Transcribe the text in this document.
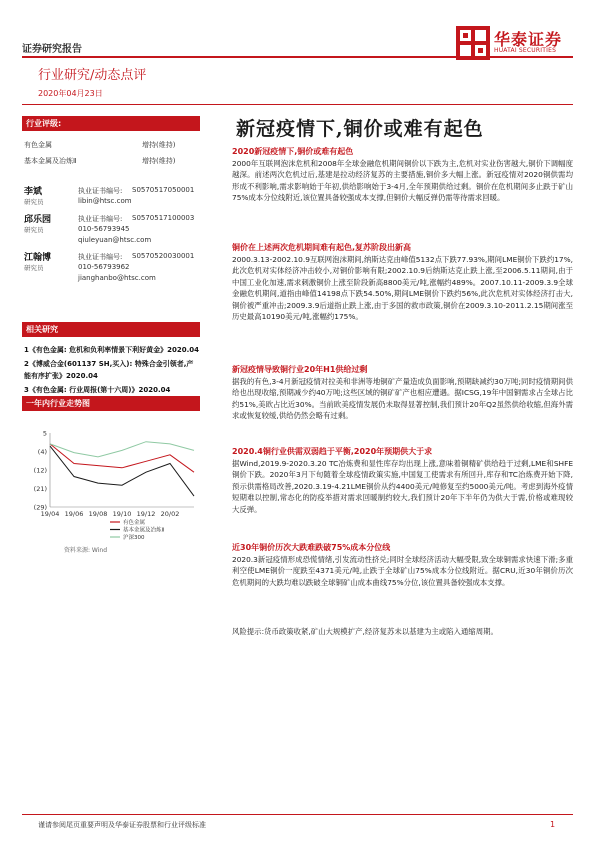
证券研究报告
华泰证券
HUATAI SECURITIES
行业研究/动态点评
2020年04月23日
行业评级:
有色金属	增持(维持)
基本金属及冶炼Ⅱ	增持(维持)
李斌
研究员
执业证书编号: S0570517050001
libin@htsc.com
邱乐园
研究员
执业证书编号: S0570517100003
010-56793945
qiuleyuan@htsc.com
江翰博
研究员
执业证书编号: S0570520030001
010-56793962
jianghanbo@htsc.com
相关研究
1《有色金属: 危机和负利率情景下利好黄金》2020.04
2《博威合金(601137 SH,买入): 特殊合金引领者,产能有序扩张》2020.04
3《有色金属: 行业周报(第十六周)》2020.04
一年内行业走势图
5
(4)
(12)
(21)
(29)
19/04 19/06 19/08 19/10 19/12 20/02
有色金属
基本金属及冶炼Ⅱ
沪深300
资料来源: Wind
新冠疫情下,铜价或难有起色
2020新冠疫情下,铜价或难有起色
2000年互联网泡沫危机和2008年全球金融危机期间铜价以下跌为主,危机对实业伤害越大,铜价下调幅度越深。前述两次危机过后,基建是拉动经济复苏的主要措施,铜价多大幅上涨。新冠疫情对2020铜供需均形成不利影响,需求影响始于年初,供给影响始于3-4月,全年预期供给过剩。铜价在危机期间多止跌于矿山75%成本分位线附近,该位置具备较强成本支撑,但铜价大幅反弹仍需等待需求回暖。
铜价在上述两次危机期间难有起色,复苏阶段出新高
2000.3.13-2002.10.9互联网泡沫期间,纳斯达克由峰值5132点下跌77.93%,期间LME铜价下跌约17%,此次危机对实体经济冲击较小,对铜价影响有限;2002.10.9后纳斯达克止跌上涨,至2006.5.11期间,由于中国工业化加速,需求刺激铜价上涨至阶段新高8800美元/吨,涨幅约489%。2007.10.11-2009.3.9全球金融危机期间,道指由峰值14198点下跌54.50%,期间LME铜价下跌约56%,此次危机对实体经济打击大,铜价被严重冲击;2009.3.9后道指止跌上涨,由于多国的救市政策,铜价在2009.3.10-2011.2.15期间涨至历史最高10190美元/吨,涨幅约175%。
新冠疫情导致铜行业20年H1供给过剩
据我的有色,3-4月新冠疫情对拉美和非洲等地铜矿产量造成负面影响,预期缺减约30万吨;同时疫情期间供给也出现收缩,预期减少约40万吨;这些区域的铜矿矿产也相应遭遇。据ICSG,19年中国铜需求占全球占比约51%,美欧占比近30%。当前欧美疫情发展仍未取得显著控制,我们预计20年Q2虽然供给收缩,但海外需求或恢复较缓,供给仍然会略有过剩。
2020.4铜行业供需双弱趋于平衡,2020年预期供大于求
据Wind,2019.9-2020.3.20 TC冶炼费和显性库存均出现上涨,意味着铜精矿供给趋于过剩,LME和SHFE铜价下跌。2020年3月下旬随着全球疫情政策实施,中国复工使需求有所回升,库存和TC冶炼费开始下降,预示供需格局改善,2020.3.19-4.21LME铜价从约4400美元/吨修复至约5000美元/吨。考虑到海外疫情短期难以控制,常态化的防疫举措对需求回暖制约较大,我们预计20年下半年仍为供大于需,价格或难现较大反弹。
近30年铜价历次大跌难跌破75%成本分位线
2020.3新冠疫情形成恐慌情绪,引发流动性挤兑;同时全球经济活动大幅受限,致全球铜需求快速下滑;多重利空使LME铜价一度跌至4371美元/吨,止跌于全球矿山75%成本分位线附近。据CRU,近30年铜价历次危机期间的大跌均难以跌破全球铜矿山成本曲线75%分位,该位置具备较强成本支撑。
风险提示:货币政策收紧,矿山大规模扩产,经济复苏未以基建为主或陷入通缩周期。
谨请参阅尾页重要声明及华泰证券股票和行业评级标准	1
